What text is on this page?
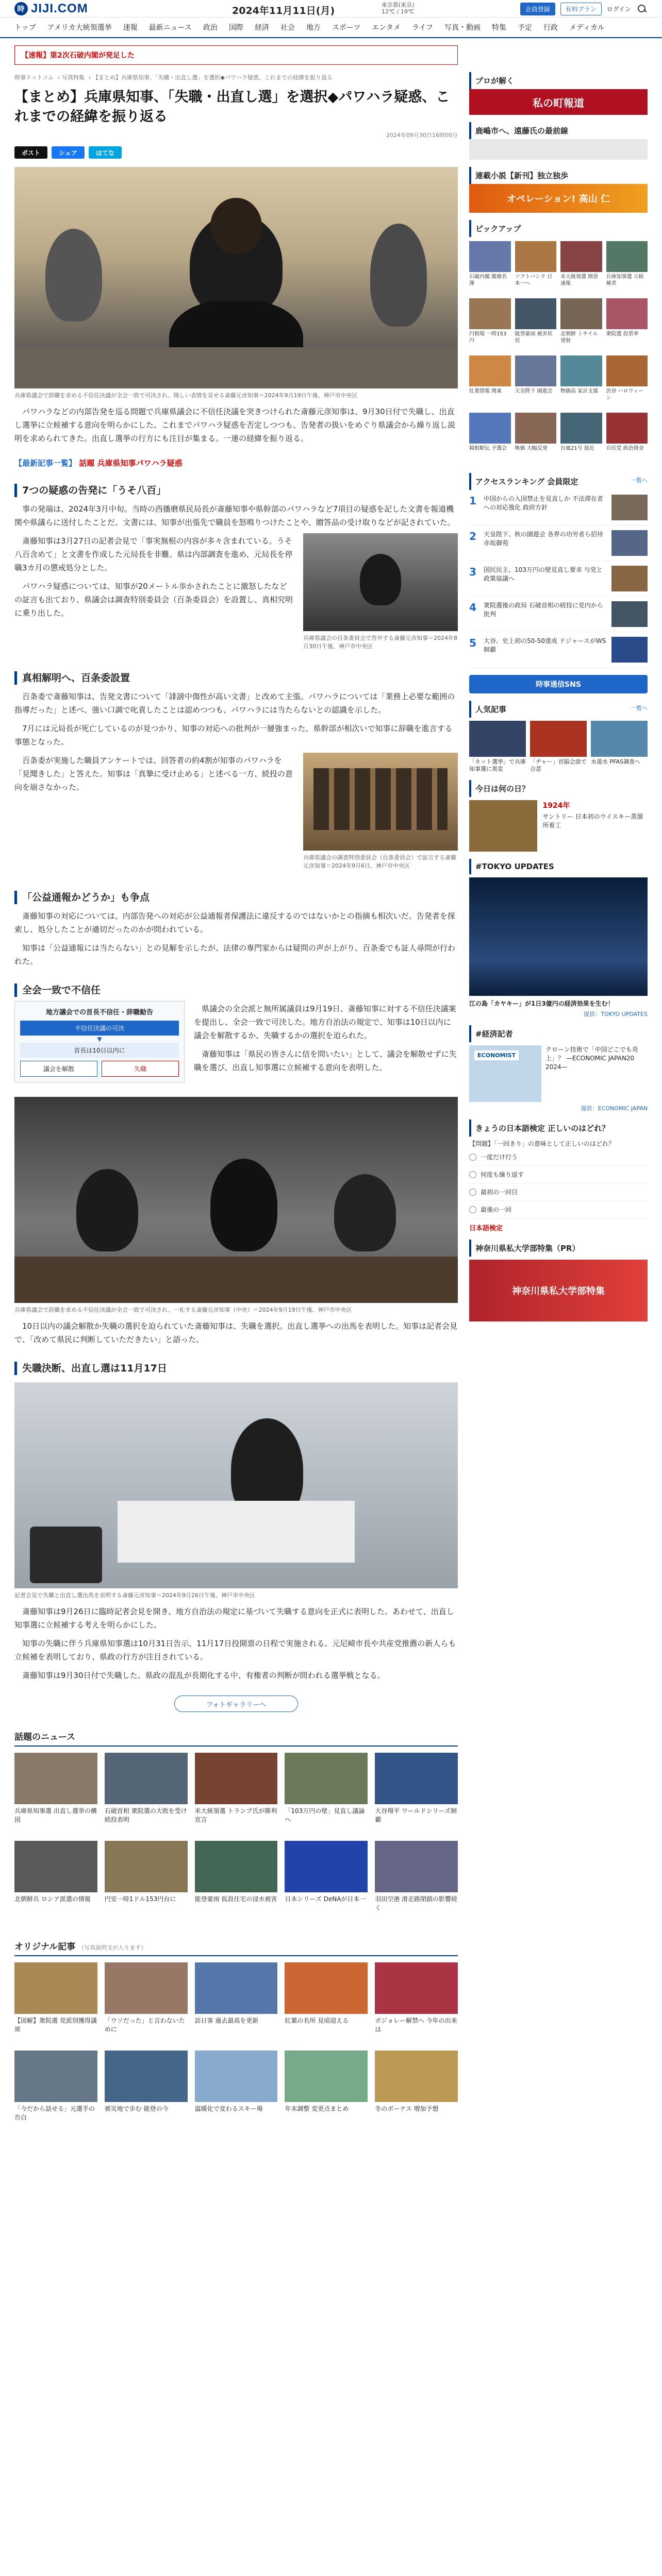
時 JIJI.COM	2024年11月11日(月)
東京都(東京)
12℃ / 19℃	会員登録	有料プラン	ログイン
トップ アメリカ大統領選挙 速報 最新ニュース 政治 国際 経済 社会 地方 スポーツ エンタメ ライフ 写真・動画 特集 予定 行政 メディカル
【速報】第2次石破内閣が発足した
時事ドットコム › 写真特集 › 【まとめ】兵庫県知事、「失職・出直し選」を選択◆パワハラ疑惑、これまでの経緯を振り返る
【まとめ】兵庫県知事、「失職・出直し選」を選択◆パワハラ疑惑、これまでの経緯を振り返る
2024年09月30日16時00分
ポスト	シェア	はてな
兵庫県議会で辞職を求める不信任決議が全会一致で可決され、険しい表情を見せる斎藤元彦知事＝2024年9月19日午後、神戸市中央区

パワハラなどの内部告発を巡る問題で兵庫県議会に不信任決議を突きつけられた斎藤元彦知事は、9月30日付で失職し、出直し選挙に立候補する意向を明らかにした。これまでパワハラ疑惑を否定しつつも、告発者の扱いをめぐり県議会から繰り返し説明を求められてきた。出直し選挙の行方にも注目が集まる。一連の経緯を振り返る。

【最新記事一覧】 話題 兵庫県知事パワハラ疑惑
7つの疑惑の告発に「うそ八百」

事の発端は、2024年3月中旬。当時の西播磨県民局長が斎藤知事や県幹部のパワハラなど7項目の疑惑を記した文書を報道機関や県議らに送付したことだ。文書には、知事が出張先で職員を怒鳴りつけたことや、贈答品の受け取りなどが記されていた。

兵庫県議会の百条委員会で答弁する斎藤元彦知事＝2024年8月30日午後、神戸市中央区

斎藤知事は3月27日の記者会見で「事実無根の内容が多々含まれている。うそ八百含めて」と文書を作成した元局長を非難。県は内部調査を進め、元局長を停職3カ月の懲戒処分とした。

パワハラ疑惑については、知事が20メートル歩かされたことに激怒したなどの証言も出ており、県議会は調査特別委員会（百条委員会）を設置し、真相究明に乗り出した。

真相解明へ、百条委設置

百条委で斎藤知事は、告発文書について「誹謗中傷性が高い文書」と改めて主張。パワハラについては「業務上必要な範囲の指導だった」と述べ、強い口調で叱責したことは認めつつも、パワハラには当たらないとの認識を示した。

7月には元局長が死亡しているのが見つかり、知事の対応への批判が一層強まった。県幹部が相次いで知事に辞職を進言する事態となった。

兵庫県議会の調査特別委員会（百条委員会）で証言する斎藤元彦知事＝2024年9月6日、神戸市中央区

百条委が実施した職員アンケートでは、回答者の約4割が知事のパワハラを「見聞きした」と答えた。知事は「真摯に受け止める」と述べる一方、続投の意向を崩さなかった。

「公益通報かどうか」も争点

斎藤知事の対応については、内部告発への対応が公益通報者保護法に違反するのではないかとの指摘も相次いだ。告発者を探索し、処分したことが適切だったのかが問われている。

知事は「公益通報には当たらない」との見解を示したが、法律の専門家からは疑問の声が上がり、百条委でも証人尋問が行われた。

全会一致で不信任
地方議会での首長不信任・辞職勧告
不信任決議の可決
▼
首長は10日以内に
議会を解散	失職

県議会の全会派と無所属議員は9月19日、斎藤知事に対する不信任決議案を提出し、全会一致で可決した。地方自治法の規定で、知事は10日以内に議会を解散するか、失職するかの選択を迫られた。

斎藤知事は「県民の皆さんに信を問いたい」として、議会を解散せずに失職を選び、出直し知事選に立候補する意向を表明した。

兵庫県議会で辞職を求める不信任決議が全会一致で可決され、一礼する斎藤元彦知事（中央）＝2024年9月19日午後、神戸市中央区

10日以内の議会解散か失職の選択を迫られていた斎藤知事は、失職を選択。出直し選挙への出馬を表明した。知事は記者会見で、「改めて県民に判断していただきたい」と語った。

失職決断、出直し選は11月17日
記者会見で失職と出直し選出馬を表明する斎藤元彦知事＝2024年9月26日午後、神戸市中央区

斎藤知事は9月26日に臨時記者会見を開き、地方自治法の規定に基づいて失職する意向を正式に表明した。あわせて、出直し知事選に立候補する考えを明らかにした。

知事の失職に伴う兵庫県知事選は10月31日告示、11月17日投開票の日程で実施される。元尼崎市長や共産党推薦の新人らも立候補を表明しており、県政の行方が注目されている。

斎藤知事は9月30日付で失職した。県政の混乱が長期化する中、有権者の判断が問われる選挙戦となる。

フォトギャラリーへ
話題のニュース
兵庫県知事選 出直し選挙の構図
石破首相 衆院選の大敗を受け続投表明
米大統領選 トランプ氏が勝利宣言
「103万円の壁」見直し議論へ
大谷翔平 ワールドシリーズ制覇
北朝鮮兵 ロシア派遣の情報	円安一時1ドル153円台に	能登豪雨 仮設住宅の浸水被害 日本シリーズ DeNAが日本一	羽田空港 滑走路閉鎖の影響続く
オリジナル記事 （写真説明文が入ります）
【図解】衆院選 党派別獲得議席
「ウソだった」と言わないために
訪日客 過去最高を更新	紅葉の名所 見頃迎える	ボジョレー解禁へ 今年の出来は
「今だから話せる」元選手の告白
被災地で歩む 能登の今	温暖化で変わるスキー場	年末調整 変更点まとめ	冬のボーナス 増加予想
プロが解く
私の町報道
鹿嶋市へ、遠藤氏の最前線
連載小説【新刊】独立独歩
オペレーション! 高山 仁
ピックアップ
石破内閣 閣僚名簿
ソフトバンク 日本一へ
米大統領選 開票速報
兵庫知事選 立候補者
円相場 一時153円
能登豪雨 被害状況
北朝鮮 ミサイル発射
衆院選 投票率
紅葉情報 関東	天皇陛下 園遊会	物価高 家計支援	渋谷 ハロウィーン
箱根駅伝 予選会	株価 大幅反発	台風21号 接近	自民党 政治資金
アクセスランキング 会員限定	一覧へ
1	中国からの入国禁止を見直しか 不法滞在者への対応強化 政府方針
2	天皇陛下、秋の園遊会 各界の功労者ら招待 赤坂御苑
3	国民民主、103万円の壁見直し要求 与党と政策協議へ
4	衆院選後の政局 石破首相の続投に党内から批判
5	大谷、史上初の50-50達成 ドジャースがWS制覇
時事通信SNS
人気記事	一覧へ
「ネット選挙」で兵庫知事選に異変
「ヂャー」首脳会談で合意
水道水 PFAS調査へ
今日は何の日？
1924年
サントリー 日本初のウイスキー蒸溜所着工
#TOKYO UPDATES
江の島「カヤキー」が1日3億円の経済効果を生む！
提供：TOKYO UPDATES
#経済記者
ECONOMIST
クローン技術で「中国どこでも炎上」？ —ECONOMIC JAPAN20 2024—
提供：ECONOMIC JAPAN
きょうの日本語検定 正しいのはどれ？
【問題】「一回きり」の意味として正しいのはどれ？
一度だけ行う
何度も繰り返す
最初の一回目
最後の一回
日本語検定
神奈川県私大学部特集（PR）
神奈川県私大学部特集
